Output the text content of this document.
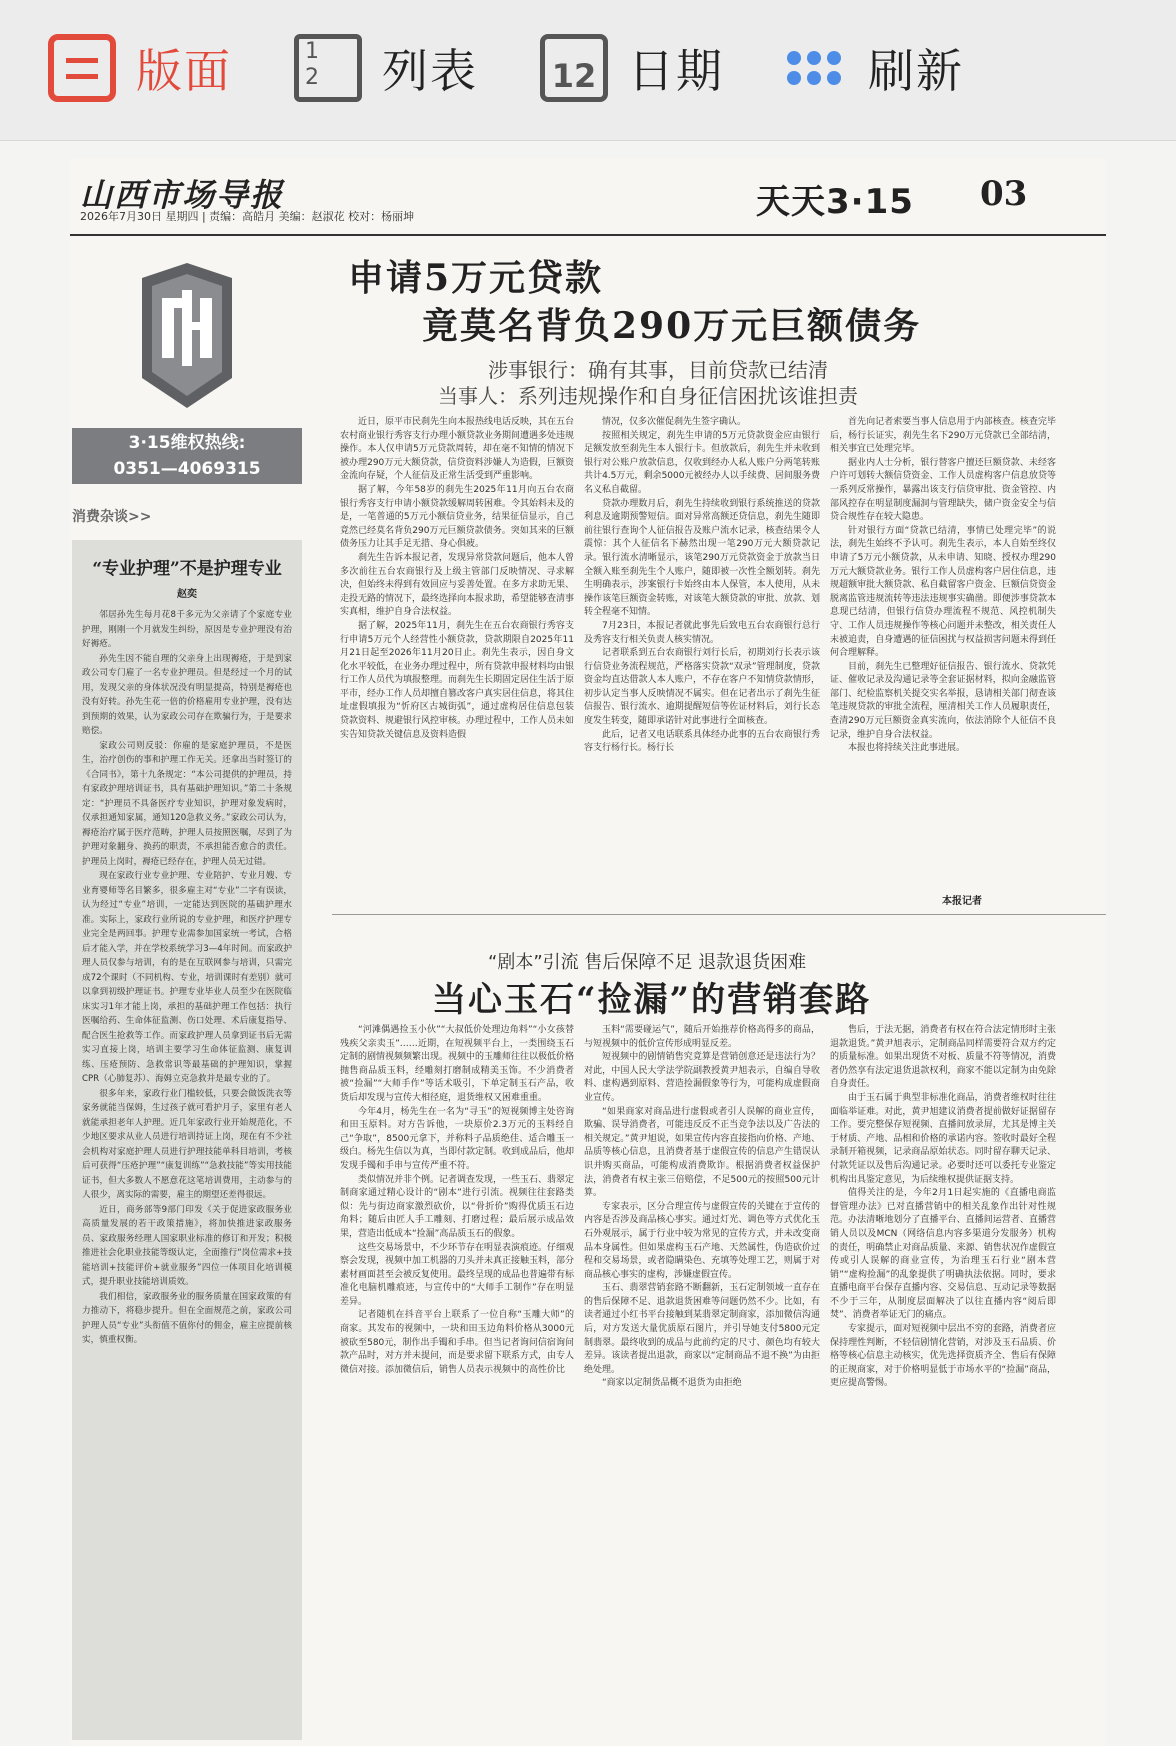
版面	1
2	列表	12 日期	刷新
山西市场导报
2026年7月30日 星期四 | 责编：高皓月 美编：赵淑花 校对：杨丽坤	天天3·15 03
3·15维权热线:
0351—4069315
消费杂谈>>
“专业护理”不是护理专业
赵奕

邻居孙先生每月花8千多元为父亲请了个家庭专业护理，刚刚一个月就发生纠纷，原因是专业护理没有治好褥疮。

孙先生因不能自理的父亲身上出现褥疮，于是到家政公司专门雇了一名专业护理员。但是经过一个月的试用，发现父亲的身体状况没有明显提高，特别是褥疮也没有好转。孙先生花一倍的价格雇用专业护理，没有达到预期的效果，认为家政公司存在欺骗行为，于是要求赔偿。

家政公司则反驳：你雇的是家庭护理员，不是医生，治疗创伤的事和护理工作无关。还拿出当时签订的《合同书》，第十九条规定：“本公司提供的护理员，持有家政护理培训证书，具有基础护理知识。”第二十条规定：“护理员不具备医疗专业知识，护理对象发病时，仅承担通知家属，通知120急救义务。”家政公司认为，褥疮治疗属于医疗范畴，护理人员按照医嘱，尽到了为护理对象翻身、换药的职责，不承担能否愈合的责任。护理员上岗时，褥疮已经存在，护理人员无过错。

现在家政行业专业护理、专业陪护、专业月嫂、专业育婴师等名目繁多，很多雇主对“专业”二字有误读，认为经过“专业”培训，一定能达到医院的基础护理水准。实际上，家政行业所说的专业护理，和医疗护理专业完全是两回事。护理专业需参加国家统一考试，合格后才能入学，并在学校系统学习3—4年时间。而家政护理人员仅参与培训，有的是在互联网参与培训，只需完成72个课时（不同机构、专业，培训课时有差别）就可以拿到初级护理证书。护理专业毕业人员至少在医院临床实习1年才能上岗，承担的基础护理工作包括：执行医嘱给药、生命体征监测、伤口处理、术后康复指导、配合医生抢救等工作。而家政护理人员拿到证书后无需实习直接上岗，培训主要学习生命体征监测、康复训练、压疮预防、急救常识等最基础的护理知识，掌握CPR（心肺复苏）、海姆立克急救并是最专业的了。

很多年来，家政行业门槛较低，只要会做饭洗衣等家务就能当保姆，生过孩子就可看护月子，家里有老人就能承担老年人护理。近几年家政行业开始规范化，不少地区要求从业人员进行培训持证上岗，现在有不少社会机构对家庭护理人员进行护理技能单科目培训，考核后可获得“压疮护理”“康复训练”“急救技能”等实用技能证书，但大多数人不愿意花这笔培训费用，主动参与的人很少，离实际的需要，雇主的期望还差得很远。

近日，商务部等9部门印发《关于促进家政服务业高质量发展的若干政策措施》，将加快推进家政服务员、家政服务经理人国家职业标准的修订和开发；积极推进社会化职业技能等级认定，全面推行“岗位需求+技能培训+技能评价+就业服务”四位一体项目化培训模式，提升职业技能培训质效。

我们相信，家政服务业的服务质量在国家政策的有力推动下，将稳步提升。但在全面规范之前，家政公司护理人员“专业”头衔值不值你付的佣金，雇主应提前核实，慎重权衡。

申请5万元贷款
竟莫名背负290万元巨额债务
涉事银行：确有其事，目前贷款已结清
当事人：系列违规操作和自身征信困扰该谁担责

近日，原平市民刹先生向本报热线电话反映，其在五台农村商业银行秀容支行办理小额贷款业务期间遭遇多处违规操作。本人仅申请5万元贷款周转，却在毫不知情的情况下被办理290万元大额贷款，信贷资料涉嫌人为造假，巨额资金流向存疑，个人征信及正常生活受到严重影响。

据了解，今年58岁的刹先生2025年11月向五台农商银行秀容支行申请小额贷款缓解周转困难。令其始料未及的是，一笔普通的5万元小额信贷业务，结果征信显示，自己竟然已经莫名背负290万元巨额贷款债务。突如其来的巨额债务压力让其手足无措、身心俱疲。

刹先生告诉本报记者，发现异常贷款问题后，他本人曾多次前往五台农商银行及上级主管部门反映情况、寻求解决，但始终未得到有效回应与妥善处置。在多方求助无果、走投无路的情况下，最终选择向本报求助，希望能够查清事实真相，维护自身合法权益。

据了解，2025年11月，刹先生在五台农商银行秀容支行申请5万元个人经营性小额贷款，贷款期限自2025年11月21日起至2026年11月20日止。刹先生表示，因自身文化水平较低，在业务办理过程中，所有贷款申报材料均由银行工作人员代为填报整理。而刹先生长期固定居住生活于原平市，经办工作人员却擅自篡改客户真实居住信息，将其住址虚假填报为“忻府区古城街弧”，通过虚构居住信息包装贷款资料、规避银行风控审核。办理过程中，工作人员未如实告知贷款关键信息及资料造假

情况，仅多次催促刹先生签字确认。

按照相关规定，刹先生申请的5万元贷款资金应由银行足额发放至刹先生本人银行卡。但放款后，刹先生并未收到银行对公账户放款信息，仅收到经办人私人账户分两笔转账共计4.5万元，剩余5000元被经办人以手续费、居间服务费名义私自截留。

贷款办理数月后，刹先生持续收到银行系统推送的贷款利息及逾期预警短信。面对异常高额还贷信息，刹先生随即前往银行查询个人征信报告及账户流水记录，核查结果令人震惊：其个人征信名下赫然出现一笔290万元大额贷款记录。银行流水清晰显示，该笔290万元贷款资金于放款当日全额入账至刹先生个人账户，随即被一次性全额划转。刹先生明确表示，涉案银行卡始终由本人保管，本人使用，从未操作该笔巨额资金转账，对该笔大额贷款的审批、放款、划转全程毫不知情。

7月23日，本报记者就此事先后致电五台农商银行总行及秀容支行相关负责人核实情况。

记者联系到五台农商银行刘行长后，初期刘行长表示该行信贷业务流程规范，严格落实贷款“双录”管理制度，贷款资金均直达借款人本人账户，不存在客户不知情贷款情形，初步认定当事人反映情况不属实。但在记者出示了刹先生征信报告、银行流水、逾期提醒短信等佐证材料后，刘行长态度发生转变，随即承诺针对此事进行全面核查。

此后，记者又电话联系具体经办此事的五台农商银行秀容支行杨行长。杨行长

首先向记者索要当事人信息用于内部核查。核查完毕后，杨行长证实，刹先生名下290万元贷款已全部结清，相关事宜已处理完毕。

据业内人士分析，银行替客户擅还巨额贷款、未经客户许可划转大额信贷资金、工作人员虚构客户信息放贷等一系列反常操作，暴露出该支行信贷审批、资金管控、内部风控存在明显制度漏洞与管理缺失，储户资金安全与信贷合规性存在较大隐患。

针对银行方面“贷款已结清，事情已处理完毕”的说法，刹先生始终不予认可。刹先生表示，本人自始至终仅申请了5万元小额贷款，从未申请、知晓、授权办理290万元大额贷款业务。银行工作人员虚构客户居住信息，违规超额审批大额贷款、私自截留客户资金、巨额信贷资金脱离监管违规流转等违法违规事实确凿。即便涉事贷款本息现已结清，但银行信贷办理流程不规范、风控机制失守、工作人员违规操作等核心问题并未整改，相关责任人未被追责，自身遭遇的征信困扰与权益损害问题未得到任何合理解释。

目前，刹先生已整理好征信报告、银行流水、贷款凭证、催收记录及沟通记录等全套证据材料，拟向金融监管部门、纪检监察机关提交实名举报，恳请相关部门彻查该笔违规贷款的审批全流程，厘清相关工作人员履职责任，查清290万元巨额资金真实流向，依法消除个人征信不良记录，维护自身合法权益。

本报也将持续关注此事进展。

本报记者
“剧本”引流 售后保障不足 退款退货困难
当心玉石“捡漏”的营销套路

“河滩偶遇捡玉小伙”“大叔低价处理边角料”“小女孩替残疾父亲卖玉”……近期，在短视频平台上，一类围绕玉石定制的剧情视频频繁出现。视频中的玉雕师往往以极低价格抛售商品质玉料，经雕刻打磨制成精美玉饰。不少消费者被“捡漏”“大师手作”等话术吸引，下单定制玉石产品，收货后却发现与宣传大相径庭，退货维权又困难重重。

今年4月，杨先生在一名为“寻玉”的短视频博主处咨询和田玉原料。对方告诉他，一块原价2.3万元的玉料经自己“争取”，8500元拿下，并称料子品质绝佳、适合雕玉一级白。杨先生信以为真，当即付款定制。收到成品后，他却发现手镯和手串与宣传严重不符。

类似情况并非个例。记者调查发现，一些玉石、翡翠定制商家通过精心设计的“剧本”进行引流。视频往往套路类似：先与街边商家激烈砍价，以“骨折价”购得优质玉石边角料；随后由匠人手工雕刻、打磨过程；最后展示成品效果，营造出低成本“捡漏”高品质玉石的假象。

这些交易场景中，不少环节存在明显表演痕迹。仔细观察会发现，视频中加工机器的刀头并未真正接触玉料，部分素材画面甚至会被反复使用。最终呈现的成品也普遍带有标准化电脑机雕痕迹，与宣传中的“大师手工制作”存在明显差异。

记者随机在抖音平台上联系了一位自称“玉雕大师”的商家。其发布的视频中，一块和田玉边角料价格从3000元被砍至580元，制作出手镯和手串。但当记者询问信宿询问款产品时，对方并未提问，而是要求留下联系方式，由专人微信对接。添加微信后，销售人员表示视频中的高性价比

玉料“需要碰运气”，随后开始推荐价格高得多的商品，与短视频中的低价宣传形成明显反差。

短视频中的剧情销售究竟算是营销创意还是违法行为？对此，中国人民大学法学院副教授黄尹旭表示，自编自导收料、虚构遇到原料、营造捡漏假象等行为，可能构成虚假商业宣传。

“如果商家对商品进行虚假或者引人误解的商业宣传，欺骗、误导消费者，可能违反反不正当竞争法以及广告法的相关规定。”黄尹旭说，如果宣传内容直接指向价格、产地、品质等核心信息，且消费者基于虚假宣传的信息产生错误认识并购买商品，可能构成消费欺诈。根据消费者权益保护法，消费者有权主张三倍赔偿，不足500元的按照500元计算。

专家表示，区分合理宣传与虚假宣传的关键在于宣传的内容是否涉及商品核心事实。通过灯光、调色等方式优化玉石外观展示，属于行业中较为常见的宣传方式，并未改变商品本身属性。但如果虚构玉石产地、天然属性，伪造砍价过程和交易场景，或者隐瞒染色、充填等处理工艺，则属于对商品核心事实的虚构，涉嫌虚假宣传。

玉石、翡翠营销套路不断翻新，玉石定制领域一直存在的售后保障不足、退款退货困难等问题仍然不少。比如，有读者通过小红书平台接触到某翡翠定制商家，添加微信沟通后，对方发送大量优质原石图片，并引导她支付5800元定制翡翠。最终收到的成品与此前约定的尺寸、颜色均有较大差异。该读者提出退款，商家以“定制商品不退不换”为由拒绝处理。

“商家以定制货品概不退货为由拒绝

售后，于法无据，消费者有权在符合法定情形时主张退款退货。”黄尹旭表示，定制商品同样需要符合双方约定的质量标准。如果出现货不对板、质量不符等情况，消费者仍然享有法定退货退款权利，商家不能以定制为由免除自身责任。

由于玉石属于典型非标准化商品，消费者维权时往往面临举证难。对此，黄尹旭建议消费者提前做好证据留存工作。要完整保存短视频、直播间放录屏，尤其是博主关于材质、产地、品相和价格的承诺内容。签收时最好全程录制开箱视频，记录商品原始状态。同时留存聊天记录、付款凭证以及售后沟通记录。必要时还可以委托专业鉴定机构出具鉴定意见，为后续维权提供证据支持。

值得关注的是，今年2月1日起实施的《直播电商监督管理办法》已对直播营销中的相关乱象作出针对性规范。办法清晰地划分了直播平台、直播间运营者、直播营销人员以及MCN（网络信息内容多渠道分发服务）机构的责任，明确禁止对商品质量、来源、销售状况作虚假宣传或引人误解的商业宣传，为治理玉石行业“剧本营销”“虚构捡漏”的乱象提供了明确执法依据。同时，要求直播电商平台保存直播内容、交易信息、互动记录等数据不少于三年，从制度层面解决了以往直播内容“阅后即焚”、消费者举证无门的痛点。

专家提示，面对短视频中层出不穷的套路，消费者应保持理性判断，不轻信剧情化营销，对涉及玉石品质、价格等核心信息主动核实，优先选择资质齐全、售后有保障的正规商家，对于价格明显低于市场水平的“捡漏”商品，更应提高警惕。
